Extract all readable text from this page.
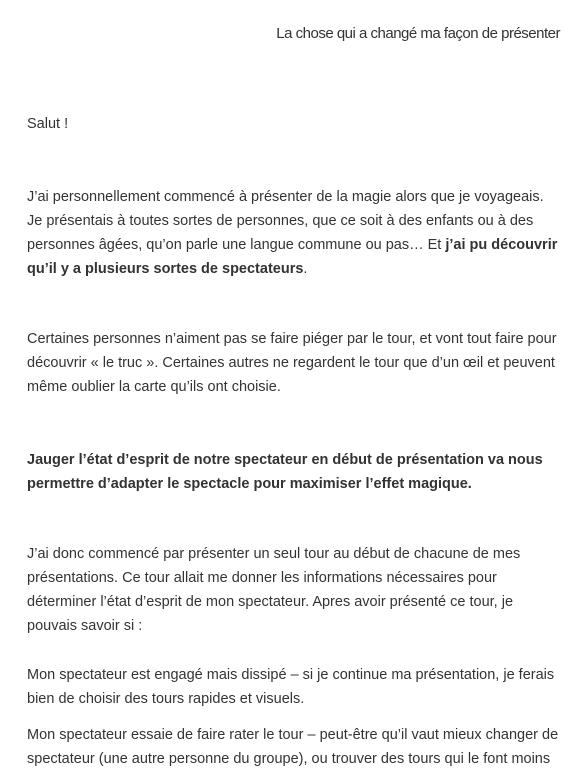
La chose qui a changé ma façon de présenter

Salut !

J’ai personnellement commencé à présenter de la magie alors que je voyageais. Je présentais à toutes sortes de personnes, que ce soit à des enfants ou à des personnes âgées, qu’on parle une langue commune ou pas… Et j’ai pu découvrir qu’il y a plusieurs sortes de spectateurs.

Certaines personnes n’aiment pas se faire piéger par le tour, et vont tout faire pour découvrir « le truc ». Certaines autres ne regardent le tour que d’un œil et peuvent même oublier la carte qu’ils ont choisie.

Jauger l’état d’esprit de notre spectateur en début de présentation va nous permettre d’adapter le spectacle pour maximiser l’effet magique.

J’ai donc commencé par présenter un seul tour au début de chacune de mes présentations. Ce tour allait me donner les informations nécessaires pour déterminer l’état d’esprit de mon spectateur. Apres avoir présenté ce tour, je pouvais savoir si :

Mon spectateur est engagé mais dissipé – si je continue ma présentation, je ferais bien de choisir des tours rapides et visuels.

Mon spectateur essaie de faire rater le tour – peut-être qu’il vaut mieux changer de spectateur (une autre personne du groupe), ou trouver des tours qui le font moins
